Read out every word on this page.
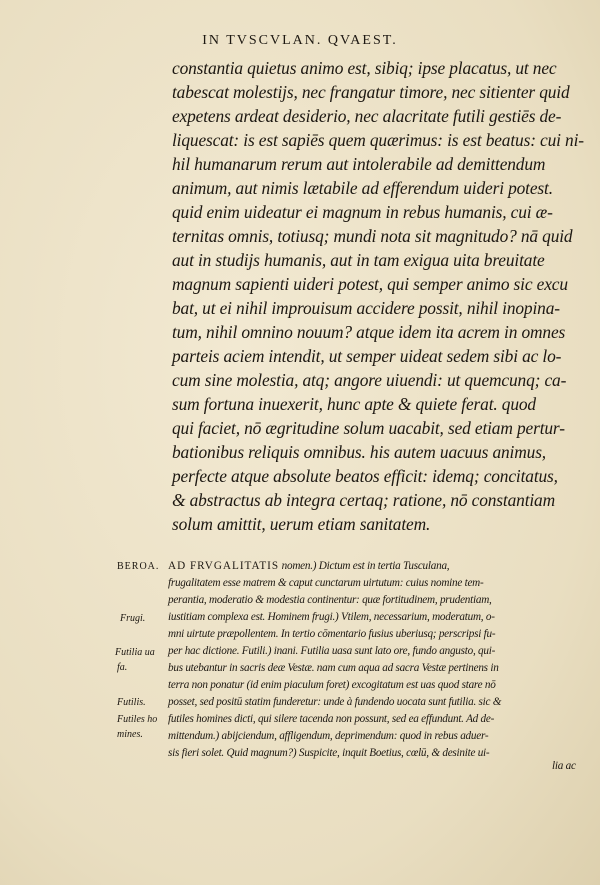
IN TVSCVLAN. QVAEST.
constantia quietus animo est, sibiq; ipse placatus, ut nec
tabescat molestijs, nec frangatur timore, nec sitienter quid
expetens ardeat desiderio, nec alacritate futili gestiēs de-
liquescat: is est sapiēs quem quærimus: is est beatus: cui ni-
hil humanarum rerum aut intolerabile ad demittendum
animum, aut nimis lætabile ad efferendum uideri potest.
quid enim uideatur ei magnum in rebus humanis, cui æ-
ternitas omnis, totiusq; mundi nota sit magnitudo? nā quid
aut in studijs humanis, aut in tam exigua uita breuitate
magnum sapienti uideri potest, qui semper animo sic excu
bat, ut ei nihil improuisum accidere possit, nihil inopina-
tum, nihil omnino nouum? atque idem ita acrem in omnes
parteis aciem intendit, ut semper uideat sedem sibi ac lo-
cum sine molestia, atq; angore uiuendi: ut quemcunq; ca-
sum fortuna inuexerit, hunc apte & quiete ferat. quod
qui faciet, nō ægritudine solum uacabit, sed etiam pertur-
bationibus reliquis omnibus. his autem uacuus animus,
perfecte atque absolute beatos efficit: idemq; concitatus,
& abstractus ab integra certaq; ratione, nō constantiam
solum amittit, uerum etiam sanitatem.
AD FRVGALITATIS nomen.) Dictum est in tertia Tusculana,
frugalitatem esse matrem & caput cunctarum uirtutum: cuius nomine tem-
perantia, moderatio & modestia continentur: quæ fortitudinem, prudentiam,
iustitiam complexa est. Hominem frugi.) Vtilem, necessarium, moderatum, o-
mni uirtute præpollentem. In tertio cōmentario fusius uberiusq; perscripsi fu-
per hac dictione. Futili.) inani. Futilia uasa sunt lato ore, fundo angusto, qui-
bus utebantur in sacris deæ Vestæ. nam cum aqua ad sacra Vestæ pertinens in
terra non ponatur (id enim piaculum foret) excogitatum est uas quod stare nō
posset, sed positū statim funderetur: unde à fundendo uocata sunt futilia. sic &
futiles homines dicti, qui silere tacenda non possunt, sed ea effundunt. Ad de-
mittendum.) abijciendum, affligendum, deprimendum: quod in rebus aduer-
sis fieri solet. Quid magnum?) Suspicite, inquit Boetius, cœlū, & desinite ui-
lia ac
BEROA.
Frugi.
Futilia ua
fa.
Futilis.
Futiles ho
mines.
